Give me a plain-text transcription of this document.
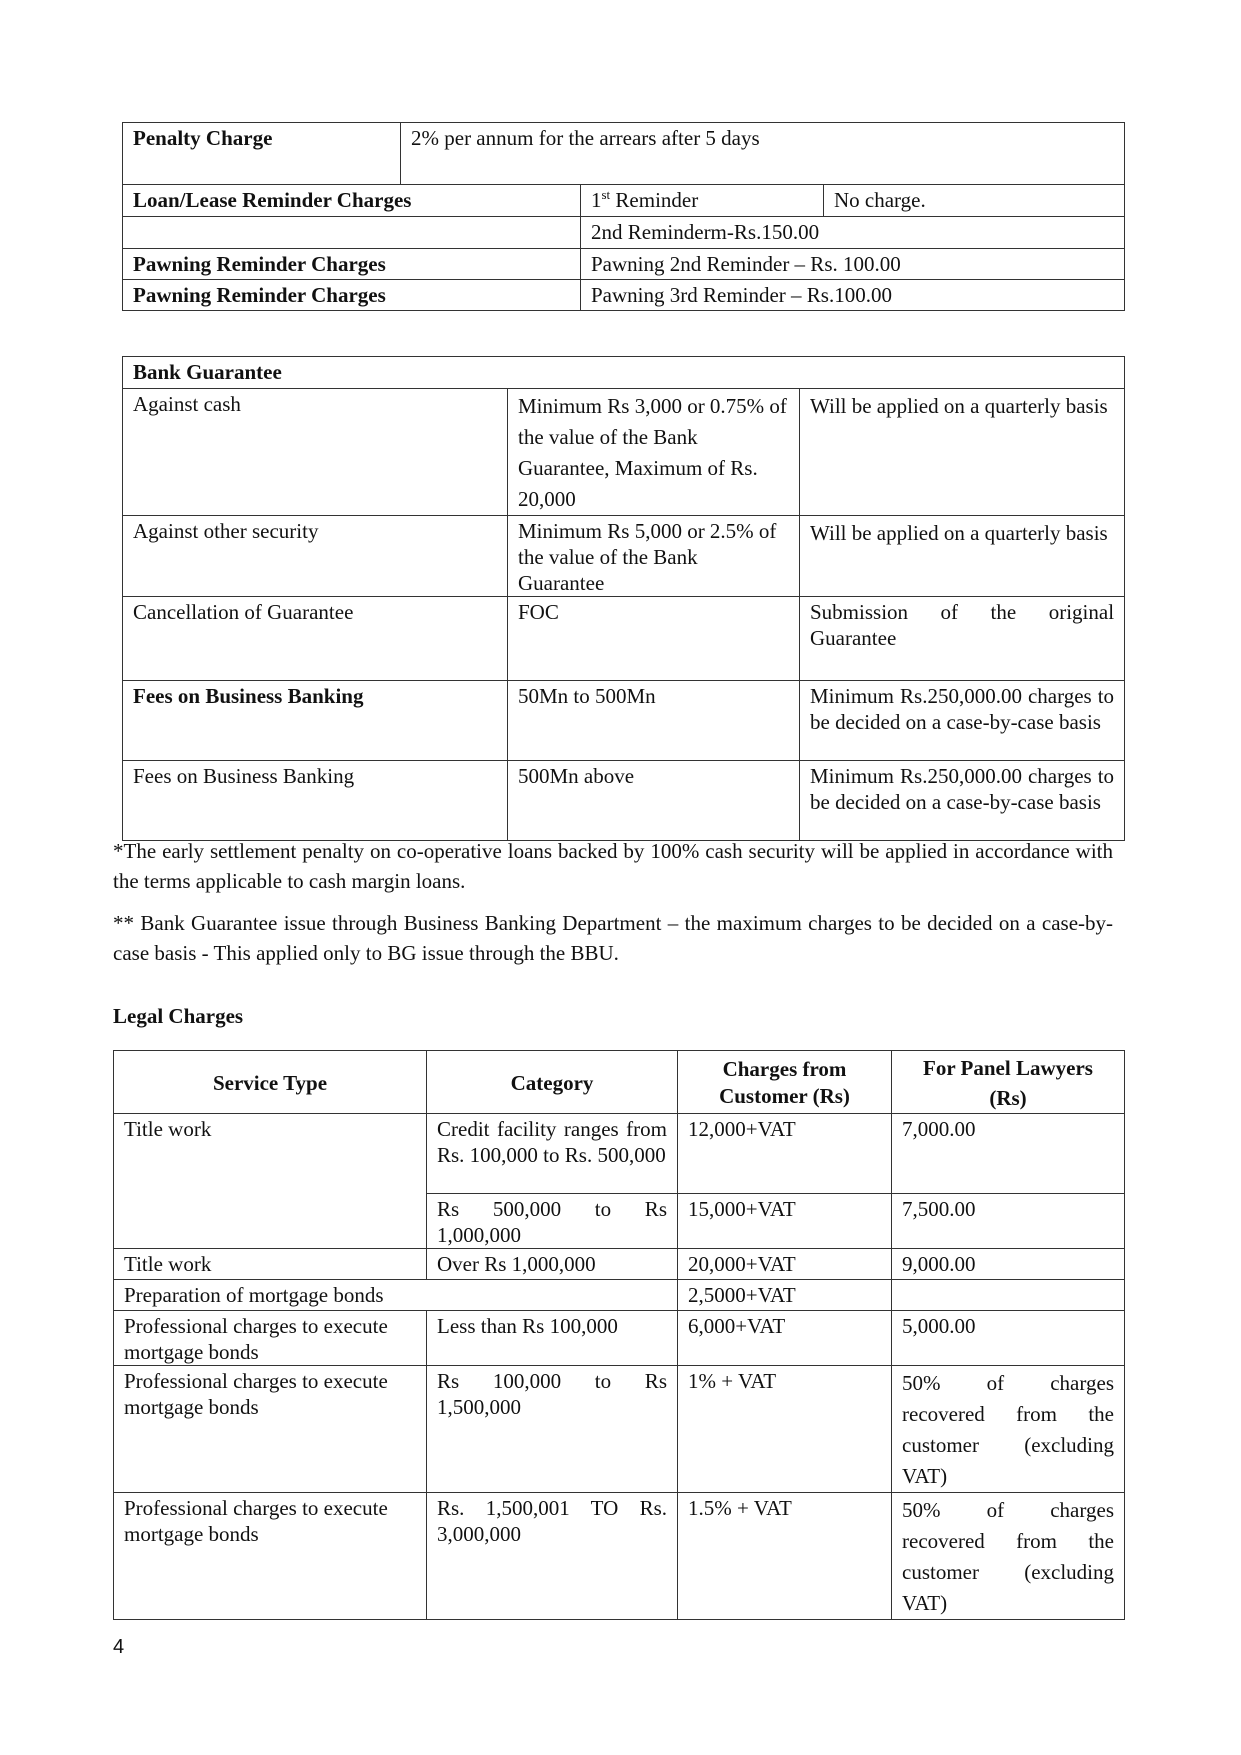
Penalty Charge	2% per annum for the arrears after 5 days		
Loan/Lease Reminder Charges		1st Reminder	No charge.
		2nd Reminderm-Rs.150.00	
Pawning Reminder Charges		Pawning 2nd Reminder – Rs. 100.00	
Pawning Reminder Charges		Pawning 3rd Reminder – Rs.100.00	
Bank Guarantee		
Against cash	Minimum Rs 3,000 or 0.75% of the value of the Bank Guarantee, Maximum of Rs. 20,000	Will be applied on a quarterly basis
Against other security	Minimum Rs 5,000 or 2.5% of the value of the Bank Guarantee	Will be applied on a quarterly basis
Cancellation of Guarantee	FOC	Submission of the original Guarantee
Fees on Business Banking	50Mn to 500Mn	Minimum Rs.250,000.00 charges to be decided on a case-by-case basis
Fees on Business Banking	500Mn above	Minimum Rs.250,000.00 charges to be decided on a case-by-case basis

*The early settlement penalty on co-operative loans backed by 100% cash security will be applied in accordance with the terms applicable to cash margin loans.

** Bank Guarantee issue through Business Banking Department – the maximum charges to be decided on a case-by-case basis - This applied only to BG issue through the BBU.

Legal Charges
Service Type	Category	Charges from Customer (Rs)	For Panel Lawyers (Rs)
Title work	Credit facility ranges from Rs. 100,000 to Rs. 500,000	12,000+VAT	7,000.00
	Rs 500,000 to Rs 1,000,000	15,000+VAT	7,500.00
Title work	Over Rs 1,000,000	20,000+VAT	9,000.00
Preparation of mortgage bonds		2,5000+VAT	
Professional charges to execute mortgage bonds	Less than Rs 100,000	6,000+VAT	5,000.00
Professional charges to execute mortgage bonds	Rs 100,000 to Rs 1,500,000	1% + VAT	50% of charges recovered from the customer (excluding VAT)
Professional charges to execute mortgage bonds	Rs. 1,500,001 TO Rs. 3,000,000	1.5% + VAT	50% of charges recovered from the customer (excluding VAT)
4
